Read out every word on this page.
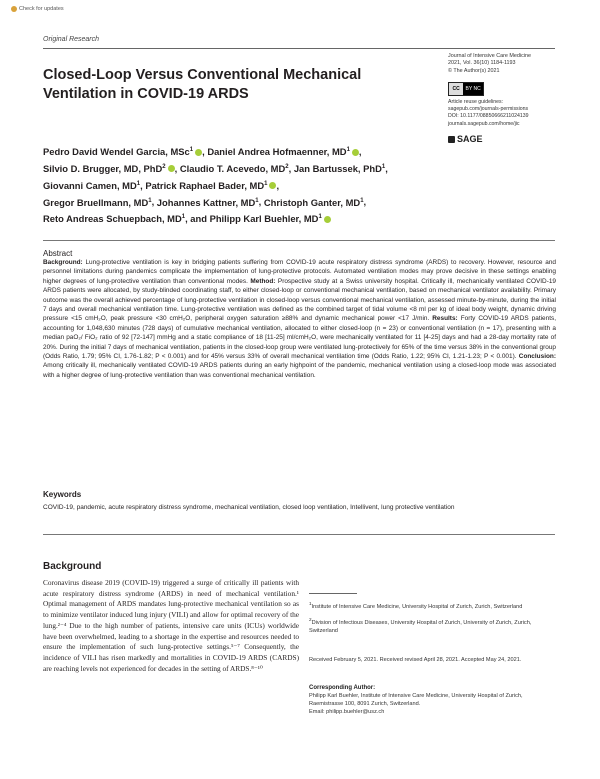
Check for updates
Original Research
Closed-Loop Versus Conventional Mechanical Ventilation in COVID-19 ARDS
Journal of Intensive Care Medicine
2021, Vol. 36(10) 1184-1193
© The Author(s) 2021
CC	BY NC
Article reuse guidelines:
sagepub.com/journals-permissions
DOI: 10.1177/08850666211024139
journals.sagepub.com/home/jic
SAGE
Pedro David Wendel Garcia, MSc$^1$ , Daniel Andrea Hofmaenner, $MD^1$ ,
Silvio D. Brugger, MD, PhD$^2$ , Claudio T. Acevedo, $MD^2$, Jan Bartussek, PhD$^1$,
Giovanni Camen, $MD^1$, Patrick Raphael Bader, $MD^1$ ,
Gregor Bruellmann, $MD^1$, Johannes Kattner, $MD^1$, Christoph Ganter, $MD^1$,
Reto Andreas Schuepbach, $MD^1$, and Philipp Karl Buehler, $MD^1$
Abstract
Background: Lung-protective ventilation is key in bridging patients suffering from COVID-19 acute respiratory distress syndrome (ARDS) to recovery. However, resource and personnel limitations during pandemics complicate the implementation of lung-protective protocols. Automated ventilation modes may prove decisive in these settings enabling higher degrees of lung-protective ventilation than conventional modes. Method: Prospective study at a Swiss university hospital. Critically ill, mechanically ventilated COVID-19 ARDS patients were allocated, by study-blinded coordinating staff, to either closed-loop or conventional mechanical ventilation, based on mechanical ventilator availability. Primary outcome was the overall achieved percentage of lung-protective ventilation in closed-loop versus conventional mechanical ventilation, assessed minute-by-minute, during the initial 7 days and overall mechanical ventilation time. Lung-protective ventilation was defined as the combined target of tidal volume <8 ml per kg of ideal body weight, dynamic driving pressure <15 cmH₂O, peak pressure <30 cmH₂O, peripheral oxygen saturation ≥88% and dynamic mechanical power <17 J/min. Results: Forty COVID-19 ARDS patients, accounting for 1,048,630 minutes (728 days) of cumulative mechanical ventilation, allocated to either closed-loop (n = 23) or conventional ventilation (n = 17), presenting with a median paO₂/ FiO₂ ratio of 92 [72-147] mmHg and a static compliance of 18 [11-25] ml/cmH₂O, were mechanically ventilated for 11 [4-25] days and had a 28-day mortality rate of 20%. During the initial 7 days of mechanical ventilation, patients in the closed-loop group were ventilated lung-protectively for 65% of the time versus 38% in the conventional group (Odds Ratio, 1.79; 95% CI, 1.76-1.82; P < 0.001) and for 45% versus 33% of overall mechanical ventilation time (Odds Ratio, 1.22; 95% CI, 1.21-1.23; P < 0.001). Conclusion: Among critically ill, mechanically ventilated COVID-19 ARDS patients during an early highpoint of the pandemic, mechanical ventilation using a closed-loop mode was associated with a higher degree of lung-protective ventilation than was conventional mechanical ventilation.
Keywords
COVID-19, pandemic, acute respiratory distress syndrome, mechanical ventilation, closed loop ventilation, Intellivent, lung protective ventilation
Background
Coronavirus disease 2019 (COVID-19) triggered a surge of critically ill patients with acute respiratory distress syndrome (ARDS) in need of mechanical ventilation.¹ Optimal management of ARDS mandates lung-protective mechanical ventilation so as to minimize ventilator induced lung injury (VILI) and allow for optimal recovery of the lung.²⁻⁴ Due to the high number of patients, intensive care units (ICUs) worldwide have been overwhelmed, leading to a shortage in the expertise and resources needed to ensure the implementation of such lung-protective settings.⁵⁻⁷ Consequently, the incidence of VILI has risen markedly and mortalities in COVID-19 ARDS (CARDS) are reaching levels not experienced for decades in the setting of ARDS.⁸⁻¹⁰
$^1$Institute of Intensive Care Medicine, University Hospital of Zurich, Zurich, Switzerland
$^2$Division of Infectious Diseases, University Hospital of Zurich, University of Zurich, Zurich, Switzerland
Received February 5, 2021. Received revised April 28, 2021. Accepted May 24, 2021.
Corresponding Author:
Philipp Karl Buehler, Institute of Intensive Care Medicine, University Hospital of Zurich, Raemistrasse 100, 8091 Zurich, Switzerland.
Email: philipp.buehler@usz.ch
